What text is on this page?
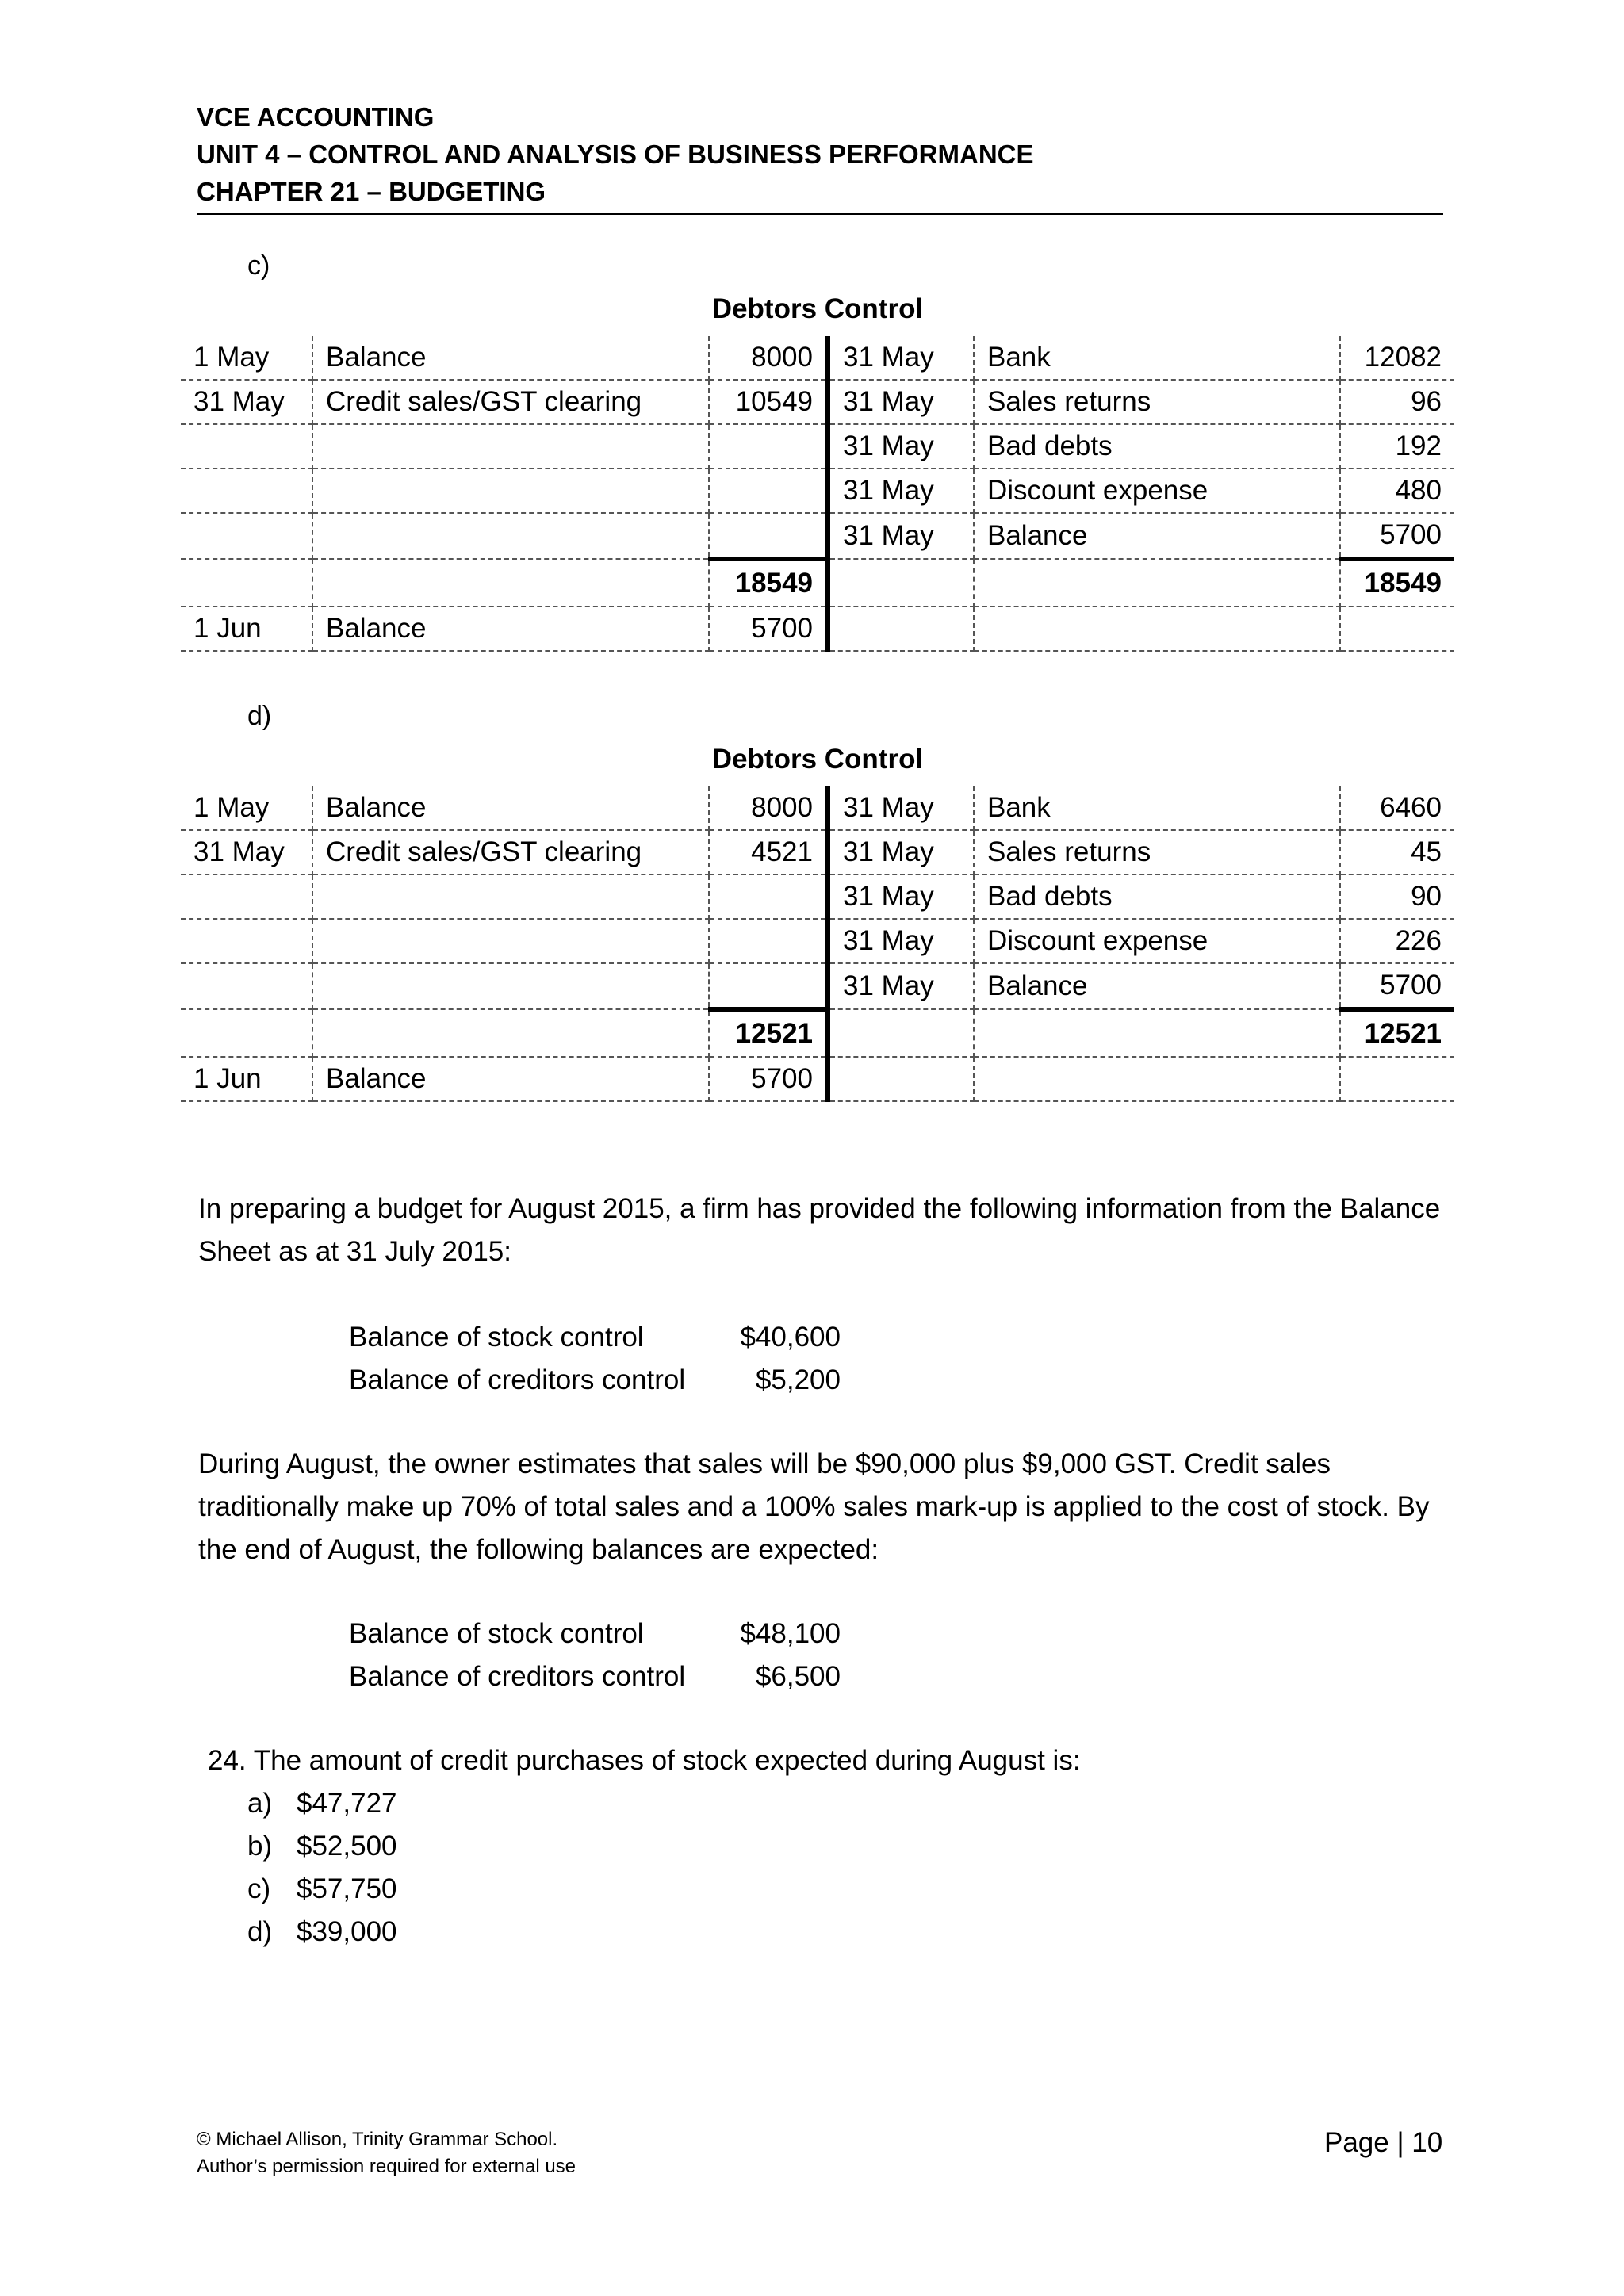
VCE ACCOUNTING
UNIT 4 – CONTROL AND ANALYSIS OF BUSINESS PERFORMANCE
CHAPTER 21 – BUDGETING
c)
Debtors Control
1 May	Balance	8000	31 May	Bank	12082
31 May	Credit sales/GST clearing	10549	31 May	Sales returns	96
			31 May	Bad debts	192
			31 May	Discount expense	480
			31 May	Balance	5700
		18549			18549
1 Jun	Balance	5700			
d)
Debtors Control
1 May	Balance	8000	31 May	Bank	6460
31 May	Credit sales/GST clearing	4521	31 May	Sales returns	45
			31 May	Bad debts	90
			31 May	Discount expense	226
			31 May	Balance	5700
		12521			12521
1 Jun	Balance	5700			
In preparing a budget for August 2015, a firm has provided the following information from the Balance Sheet as at 31 July 2015:
Balance of stock control	$40,600
Balance of creditors control	$5,200
During August, the owner estimates that sales will be $90,000 plus $9,000 GST. Credit sales traditionally make up 70% of total sales and a 100% sales mark-up is applied to the cost of stock. By the end of August, the following balances are expected:
Balance of stock control	$48,100
Balance of creditors control	$6,500
24. The amount of credit purchases of stock expected during August is:
a) $47,727
b) $52,500
c) $57,750
d) $39,000
© Michael Allison, Trinity Grammar School.
Author’s permission required for external use
Page | 10
